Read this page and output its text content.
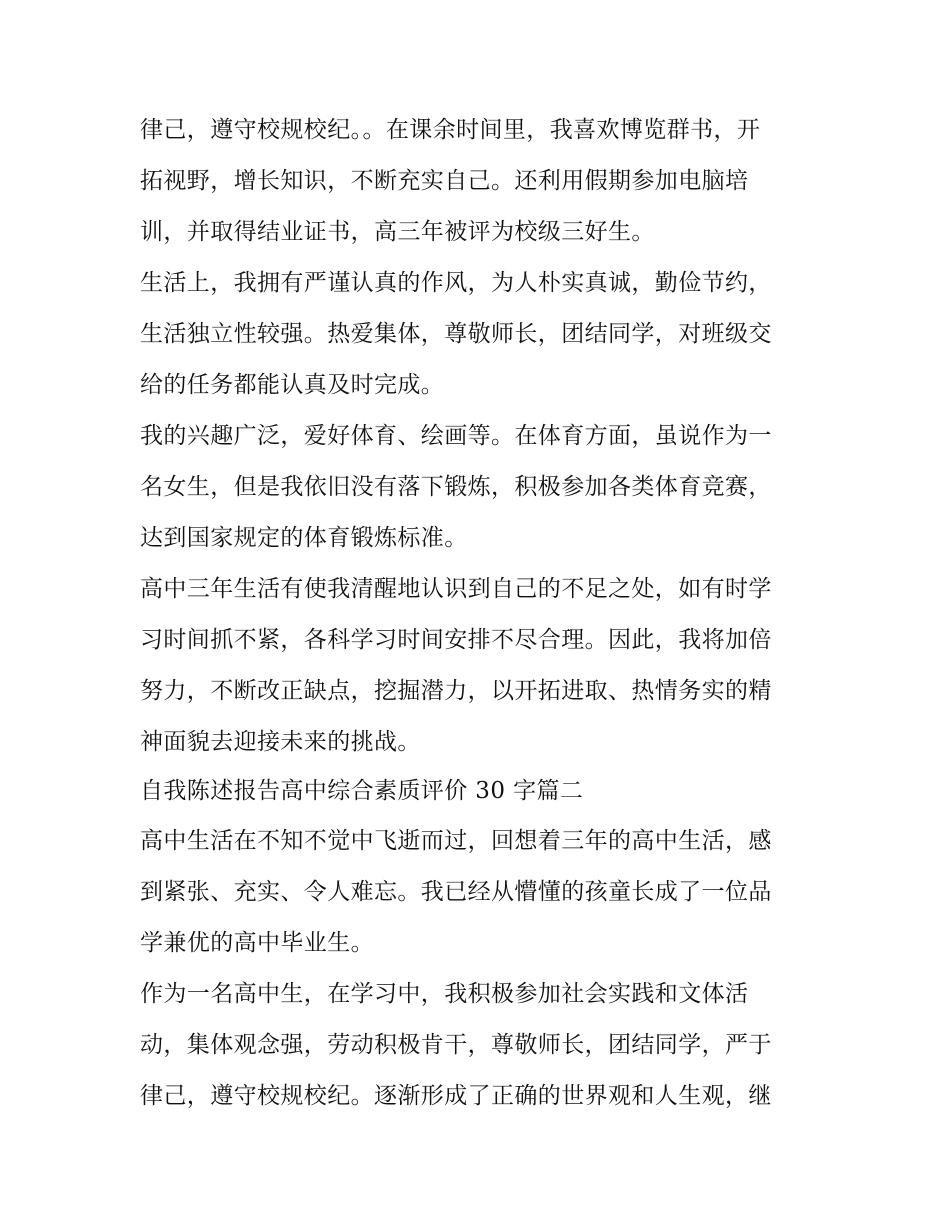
律己，遵守校规校纪。。在课余时间里，我喜欢博览群书，开
拓视野，增长知识，不断充实自己。还利用假期参加电脑培
训，并取得结业证书，高三年被评为校级三好生。
生活上，我拥有严谨认真的作风，为人朴实真诚，勤俭节约，
生活独立性较强。热爱集体，尊敬师长，团结同学，对班级交
给的任务都能认真及时完成。
我的兴趣广泛，爱好体育、绘画等。在体育方面，虽说作为一
名女生，但是我依旧没有落下锻炼，积极参加各类体育竞赛，
达到国家规定的体育锻炼标准。
高中三年生活有使我清醒地认识到自己的不足之处，如有时学
习时间抓不紧，各科学习时间安排不尽合理。因此，我将加倍
努力，不断改正缺点，挖掘潜力，以开拓进取、热情务实的精
神面貌去迎接未来的挑战。
自我陈述报告高中综合素质评价 30 字篇二
高中生活在不知不觉中飞逝而过，回想着三年的高中生活，感
到紧张、充实、令人难忘。我已经从懵懂的孩童长成了一位品
学兼优的高中毕业生。
作为一名高中生，在学习中，我积极参加社会实践和文体活
动，集体观念强，劳动积极肯干，尊敬师长，团结同学，严于
律己，遵守校规校纪。逐渐形成了正确的世界观和人生观，继
